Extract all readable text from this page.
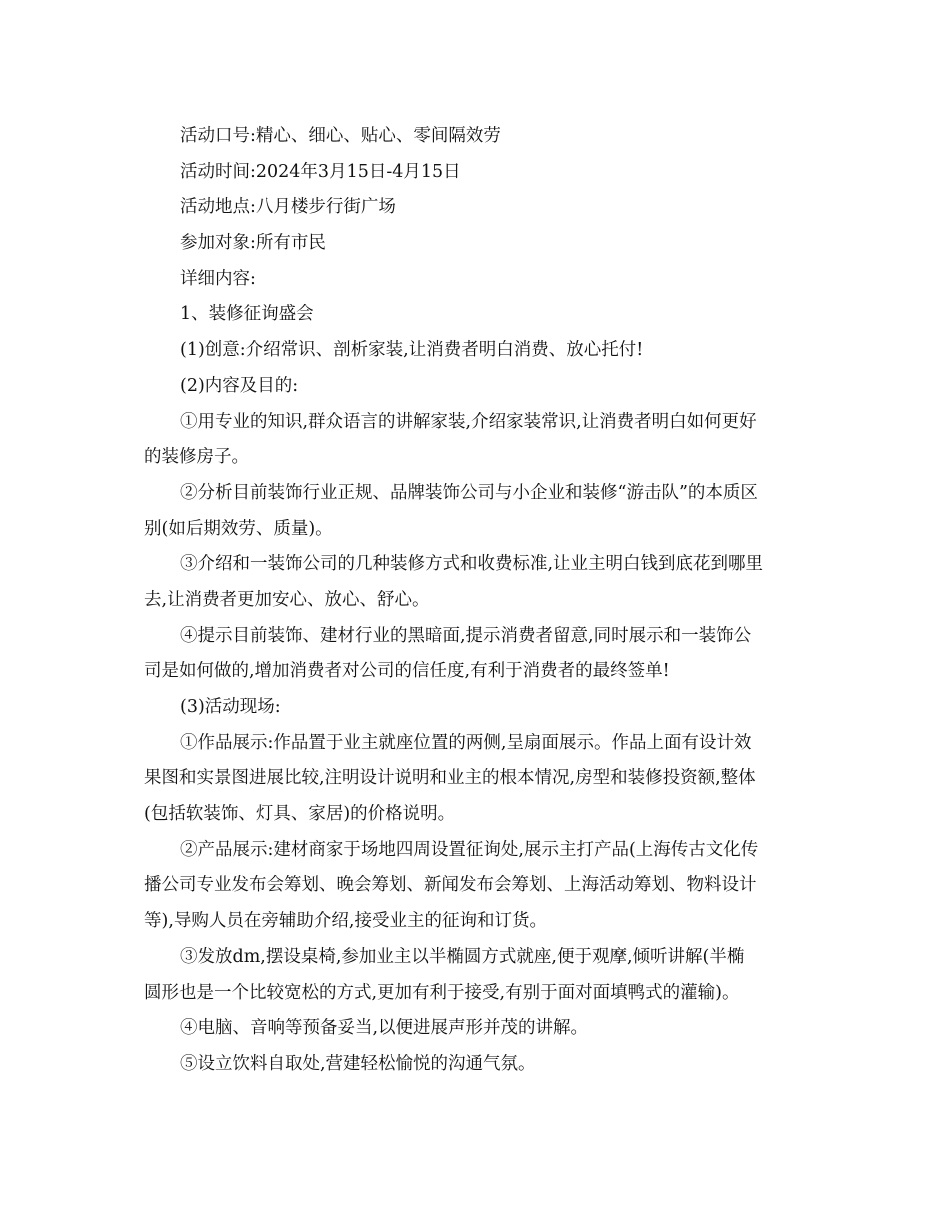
活动口号:精心、细心、贴心、零间隔效劳

活动时间:2024年3月15日-4月15日

活动地点:八月楼步行街广场

参加对象:所有市民

详细内容:

1、装修征询盛会

(1)创意:介绍常识、剖析家装,让消费者明白消费、放心托付!

(2)内容及目的:

①用专业的知识,群众语言的讲解家装,介绍家装常识,让消费者明白如何更好

的装修房子。

②分析目前装饰行业正规、品牌装饰公司与小企业和装修“游击队”的本质区

别(如后期效劳、质量)。

③介绍和一装饰公司的几种装修方式和收费标准,让业主明白钱到底花到哪里

去,让消费者更加安心、放心、舒心。

④提示目前装饰、建材行业的黑暗面,提示消费者留意,同时展示和一装饰公

司是如何做的,增加消费者对公司的信任度,有利于消费者的最终签单!

(3)活动现场:

①作品展示:作品置于业主就座位置的两侧,呈扇面展示。作品上面有设计效

果图和实景图进展比较,注明设计说明和业主的根本情况,房型和装修投资额,整体

(包括软装饰、灯具、家居)的价格说明。

②产品展示:建材商家于场地四周设置征询处,展示主打产品(上海传古文化传

播公司专业发布会筹划、晚会筹划、新闻发布会筹划、上海活动筹划、物料设计

等),导购人员在旁辅助介绍,接受业主的征询和订货。

③发放dm,摆设桌椅,参加业主以半椭圆方式就座,便于观摩,倾听讲解(半椭

圆形也是一个比较宽松的方式,更加有利于接受,有别于面对面填鸭式的灌输)。

④电脑、音响等预备妥当,以便进展声形并茂的讲解。

⑤设立饮料自取处,营建轻松愉悦的沟通气氛。
